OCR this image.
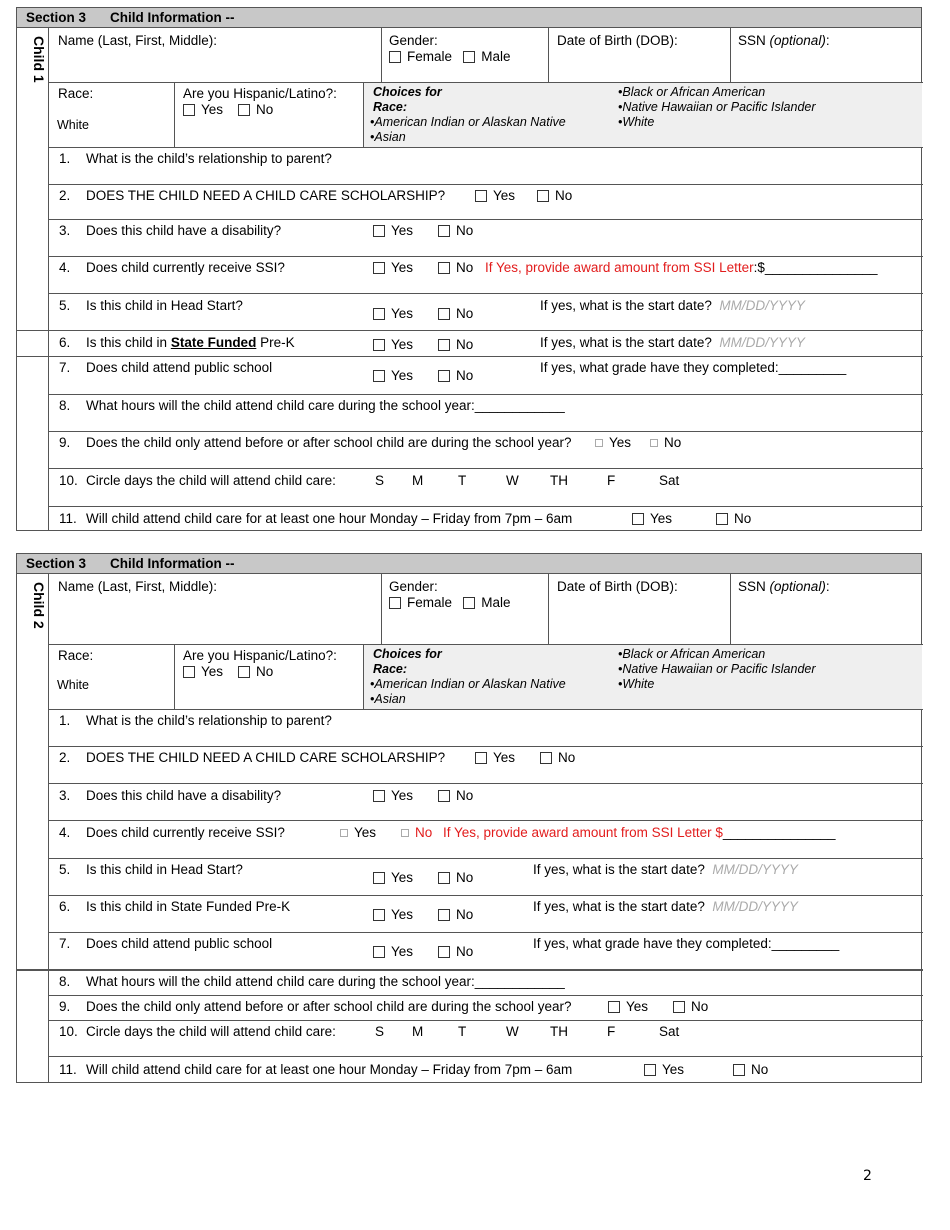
Section 3 Child Information --
Child 1 Name (Last, First, Middle):	Gender:
Female Male
Date of Birth (DOB):	SSN (optional):
Race:
White
Are you Hispanic/Latino?:
Yes No
Choices for
Race:
•American Indian or Alaskan Native
•Asian
•Black or African American
•Native Hawaiian or Pacific Islander
•White
1. What is the child’s relationship to parent?
2. DOES THE CHILD NEED A CHILD CARE SCHOLARSHIP?	Yes	No
3. Does this child have a disability?	Yes	No
4. Does child currently receive SSI?	Yes	No If Yes, provide award amount from SSI Letter:$_______________
5. Is this child in Head Start?
Yes	No
If yes, what is the start date? MM/DD/YYYY
6. Is this child in State Funded Pre-K	Yes	No	If yes, what is the start date? MM/DD/YYYY
7. Does child attend public school
Yes	No
If yes, what grade have they completed:_________
8. What hours will the child attend child care during the school year:____________
9. Does the child only attend before or after school child are during the school year?	Yes	No
10. Circle days the child will attend child care:	S M	T	W TH	F	Sat
11. Will child attend child care for at least one hour Monday – Friday from 7pm – 6am	Yes	No
Section 3 Child Information --
Child 2 Name (Last, First, Middle):	Gender:
Female Male
Date of Birth (DOB):	SSN (optional):
Race:
White
Are you Hispanic/Latino?:
Yes No
Choices for
Race:
•American Indian or Alaskan Native
•Asian
•Black or African American
•Native Hawaiian or Pacific Islander
•White
1. What is the child’s relationship to parent?
2. DOES THE CHILD NEED A CHILD CARE SCHOLARSHIP?	Yes	No
3. Does this child have a disability?	Yes	No
4. Does child currently receive SSI?	Yes	No If Yes, provide award amount from SSI Letter $_______________
5. Is this child in Head Start?
Yes	No
If yes, what is the start date? MM/DD/YYYY
6. Is this child in State Funded Pre-K
Yes	No
If yes, what is the start date? MM/DD/YYYY
7. Does child attend public school
Yes	No
If yes, what grade have they completed:_________
8. What hours will the child attend child care during the school year:____________
9. Does the child only attend before or after school child are during the school year?	Yes	No
10. Circle days the child will attend child care:	S M	T	W TH	F	Sat
11. Will child attend child care for at least one hour Monday – Friday from 7pm – 6am	Yes	No
2
